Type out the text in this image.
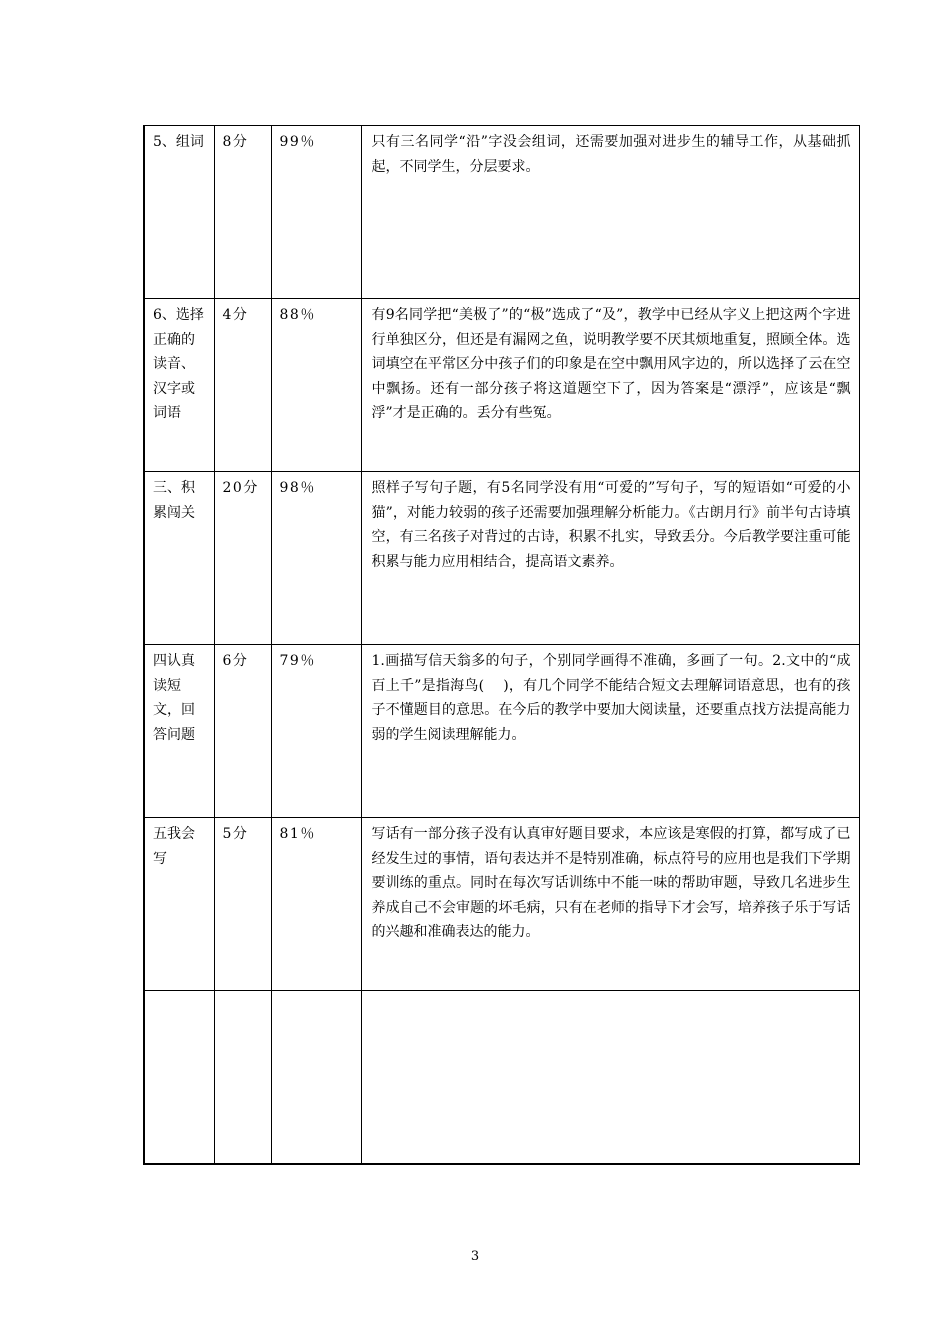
5、组词	8分	99％	只有三名同学“沿”字没会组词，还需要加强对进步生的辅导工作，从基础抓起，不同学生，分层要求。
6、选择正确的读音、汉字或词语	4分	88％	有9名同学把“美极了”的“极”选成了“及”，教学中已经从字义上把这两个字进行单独区分，但还是有漏网之鱼，说明教学要不厌其烦地重复，照顾全体。选词填空在平常区分中孩子们的印象是在空中飘用风字边的，所以选择了云在空中飘扬。还有一部分孩子将这道题空下了，因为答案是“漂浮”，应该是“飘浮”才是正确的。丢分有些冤。
三、积累闯关	20分	98％	照样子写句子题，有5名同学没有用“可爱的”写句子，写的短语如“可爱的小猫”，对能力较弱的孩子还需要加强理解分析能力。《古朗月行》前半句古诗填空，有三名孩子对背过的古诗，积累不扎实，导致丢分。今后教学要注重可能积累与能力应用相结合，提高语文素养。
四认真读短文，回答问题	6分	79％	1.画描写信天翁多的句子，个别同学画得不准确，多画了一句。2.文中的“成百上千”是指海鸟(　 )，有几个同学不能结合短文去理解词语意思，也有的孩子不懂题目的意思。在今后的教学中要加大阅读量，还要重点找方法提高能力弱的学生阅读理解能力。
五我会写	5分	81％	写话有一部分孩子没有认真审好题目要求，本应该是寒假的打算，都写成了已经发生过的事情，语句表达并不是特别准确，标点符号的应用也是我们下学期要训练的重点。同时在每次写话训练中不能一味的帮助审题，导致几名进步生养成自己不会审题的坏毛病，只有在老师的指导下才会写，培养孩子乐于写话的兴趣和准确表达的能力。

3
